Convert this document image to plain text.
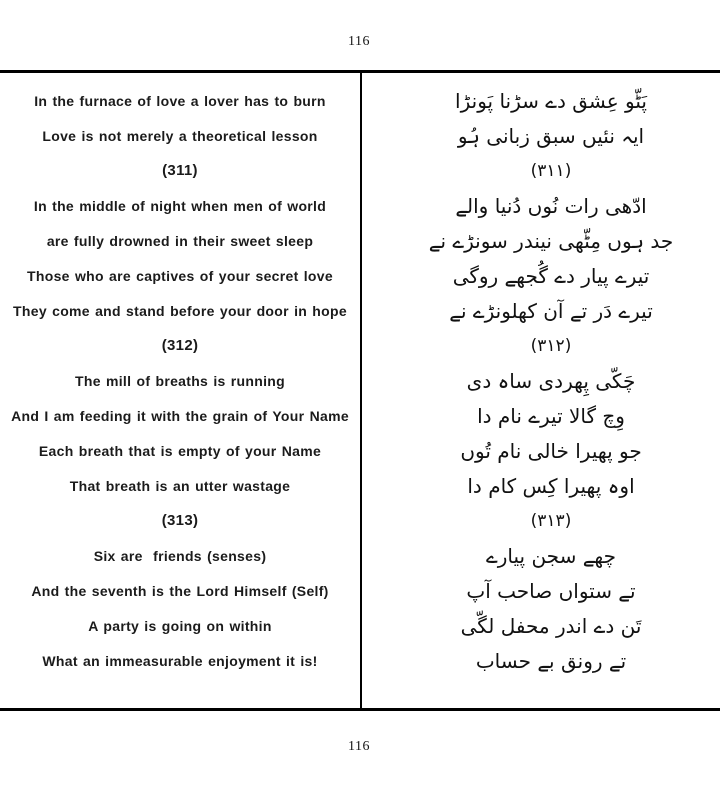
116
In the furnace of love a lover has to burn
Love is not merely a theoretical lesson
(311)
In the middle of night when men of world
are fully drowned in their sweet sleep
Those who are captives of your secret love
They come and stand before your door in hope
(312)
The mill of breaths is running
And I am feeding it with the grain of Your Name
Each breath that is empty of your Name
That breath is an utter wastage
(313)
Six are  friends (senses)
And the seventh is the Lord Himself (Self)
A party is going on within
What an immeasurable enjoyment it is!
پَٹّو عِشق دے سڑنا پَونڑا
ایہ نئیں سبق زبانی ہُو
(۳۱۱)
ادّھی رات نُوں دُنیا والے
جد ہوں مِٹّھی نیندر سونڑے نے
تیرے پیار دے گُجھے روگی
تیرے دَر تے آن کھلونڑے نے
(۳۱۲)
چَکّی پِھردی ساہ دی
وِچ گالا تیرے نام دا
جو پھیرا خالی نام تُوں
اوہ پھیرا کِس کام دا
(۳۱۳)
چھے سجن پیارے
تے ستواں صاحب آپ
تَن دے اندر محفل لگّی
تے رونق بے حساب
116
